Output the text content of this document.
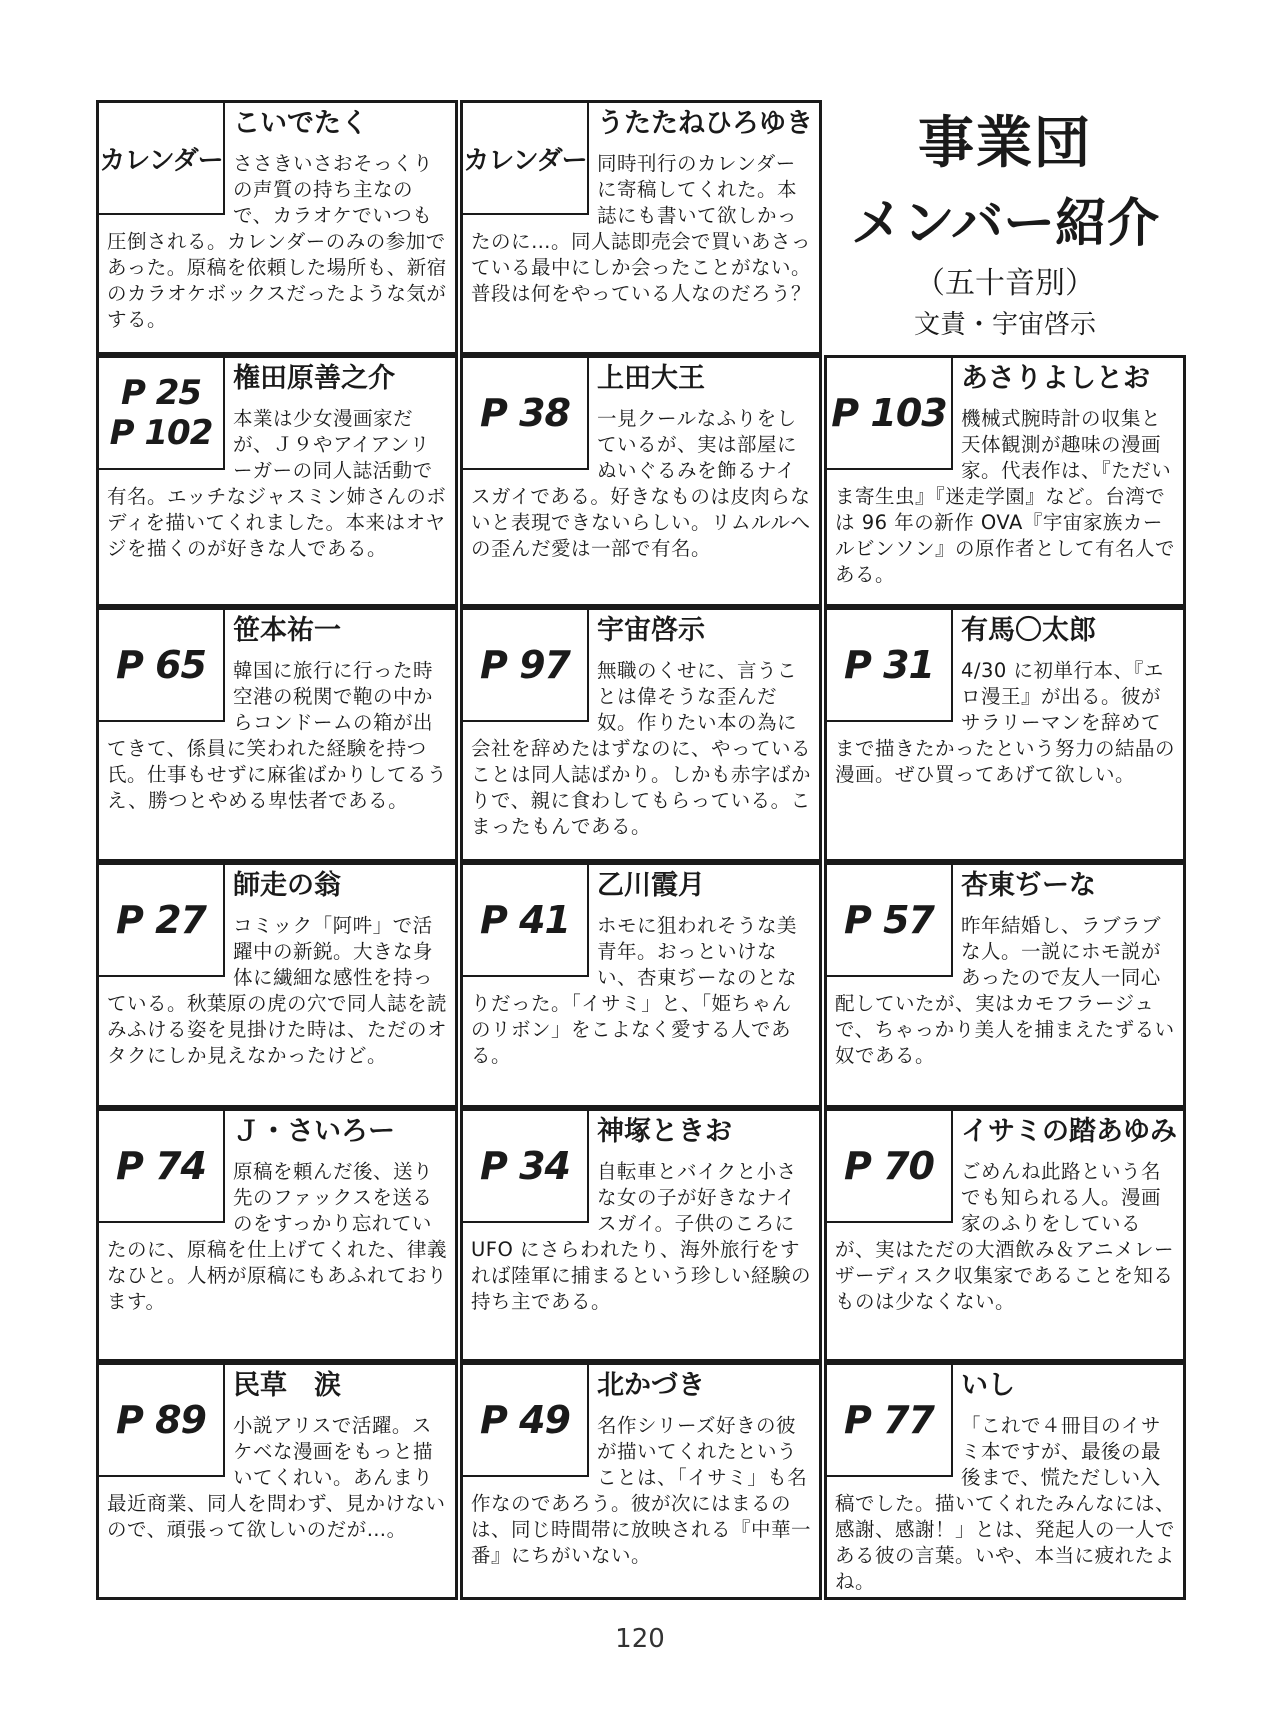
カレンダー
こいでたく
ささきいさおそっくりの声質の持ち主なので、カラオケでいつも圧倒される。カレンダーのみの参加であった。原稿を依頼した場所も、新宿のカラオケボックスだったような気がする。
カレンダー
うたたねひろゆき
同時刊行のカレンダーに寄稿してくれた。本誌にも書いて欲しかったのに…。同人誌即売会で買いあさっている最中にしか会ったことがない。普段は何をやっている人なのだろう？
事業団
メンバー紹介
（五十音別）
文責・宇宙啓示
P 25
P 102
権田原善之介
本業は少女漫画家だが、Ｊ９やアイアンリーガーの同人誌活動で有名。エッチなジャスミン姉さんのボディを描いてくれました。本来はオヤジを描くのが好きな人である。
P 38
上田大王
一見クールなふりをしているが、実は部屋にぬいぐるみを飾るナイスガイである。好きなものは皮肉らないと表現できないらしい。リムルルへの歪んだ愛は一部で有名。
P 103
あさりよしとお
機械式腕時計の収集と天体観測が趣味の漫画家。代表作は、『ただいま寄生虫』『迷走学園』など。台湾では 96 年の新作 OVA『宇宙家族カールビンソン』の原作者として有名人である。
P 65
笹本祐一
韓国に旅行に行った時空港の税関で鞄の中からコンドームの箱が出てきて、係員に笑われた経験を持つ氏。仕事もせずに麻雀ばかりしてるうえ、勝つとやめる卑怯者である。
P 97
宇宙啓示
無職のくせに、言うことは偉そうな歪んだ奴。作りたい本の為に会社を辞めたはずなのに、やっていることは同人誌ばかり。しかも赤字ばかりで、親に食わしてもらっている。こまったもんである。
P 31
有馬〇太郎
4/30 に初単行本、『エロ漫王』が出る。彼がサラリーマンを辞めてまで描きたかったという努力の結晶の漫画。ぜひ買ってあげて欲しい。
P 27
師走の翁
コミック「阿吽」で活躍中の新鋭。大きな身体に繊細な感性を持っている。秋葉原の虎の穴で同人誌を読みふける姿を見掛けた時は、ただのオタクにしか見えなかったけど。
P 41
乙川霞月
ホモに狙われそうな美青年。おっといけない、杏東ぢーなのとなりだった。「イサミ」と、「姫ちゃんのリボン」をこよなく愛する人である。
P 57
杏東ぢーな
昨年結婚し、ラブラブな人。一説にホモ説があったので友人一同心配していたが、実はカモフラージュで、ちゃっかり美人を捕まえたずるい奴である。
P 74
Ｊ・さいろー
原稿を頼んだ後、送り先のファックスを送るのをすっかり忘れていたのに、原稿を仕上げてくれた、律義なひと。人柄が原稿にもあふれております。
P 34
神塚ときお
自転車とバイクと小さな女の子が好きなナイスガイ。子供のころに UFO にさらわれたり、海外旅行をすれば陸軍に捕まるという珍しい経験の持ち主である。
P 70
イサミの踏あゆみ
ごめんね此路という名でも知られる人。漫画家のふりをしているが、実はただの大酒飲み＆アニメレーザーディスク収集家であることを知るものは少なくない。
P 89
民草　涙
小説アリスで活躍。スケベな漫画をもっと描いてくれい。あんまり最近商業、同人を問わず、見かけないので、頑張って欲しいのだが…。
P 49
北かづき
名作シリーズ好きの彼が描いてくれたということは、「イサミ」も名作なのであろう。彼が次にはまるのは、同じ時間帯に放映される『中華一番』にちがいない。
P 77
いし
「これで４冊目のイサミ本ですが、最後の最後まで、慌ただしい入稿でした。描いてくれたみんなには、感謝、感謝！」とは、発起人の一人である彼の言葉。いや、本当に疲れたよね。
120
